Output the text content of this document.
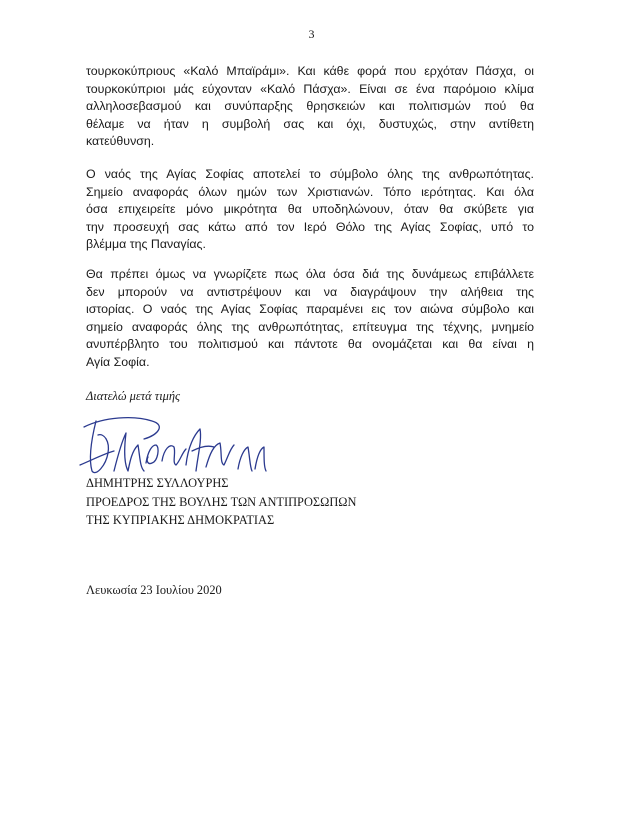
3
τουρκοκύπριους «Καλό Μπαϊράμι». Και κάθε φορά που ερχόταν Πάσχα, οι
τουρκοκύπριοι μάς εύχονταν «Καλό Πάσχα». Είναι σε ένα παρόμοιο κλίμα
αλληλοσεβασμού και συνύπαρξης θρησκειών και πολιτισμών πού θα
θέλαμε να ήταν η συμβολή σας και όχι, δυστυχώς, στην αντίθετη
κατεύθυνση.
Ο ναός της Αγίας Σοφίας αποτελεί το σύμβολο όλης της ανθρωπότητας.
Σημείο αναφοράς όλων ημών των Χριστιανών. Τόπο ιερότητας. Και όλα
όσα επιχειρείτε μόνο μικρότητα θα υποδηλώνουν, όταν θα σκύβετε για
την προσευχή σας κάτω από τον Ιερό Θόλο της Αγίας Σοφίας, υπό το
βλέμμα της Παναγίας.
Θα πρέπει όμως να γνωρίζετε πως όλα όσα διά της δυνάμεως επιβάλλετε
δεν μπορούν να αντιστρέψουν και να διαγράψουν την αλήθεια της
ιστορίας. Ο ναός της Αγίας Σοφίας παραμένει εις τον αιώνα σύμβολο και
σημείο αναφοράς όλης της ανθρωπότητας, επίτευγμα της τέχνης, μνημείο
ανυπέρβλητο του πολιτισμού και πάντοτε θα ονομάζεται και θα είναι η
Αγία Σοφία.
Διατελώ μετά τιμής
ΔΗΜΗΤΡΗΣ ΣΥΛΛΟΥΡΗΣ
ΠΡΟΕΔΡΟΣ ΤΗΣ ΒΟΥΛΗΣ ΤΩΝ ΑΝΤΙΠΡΟΣΩΠΩΝ
ΤΗΣ ΚΥΠΡΙΑΚΗΣ ΔΗΜΟΚΡΑΤΙΑΣ
Λευκωσία 23 Ιουλίου 2020
